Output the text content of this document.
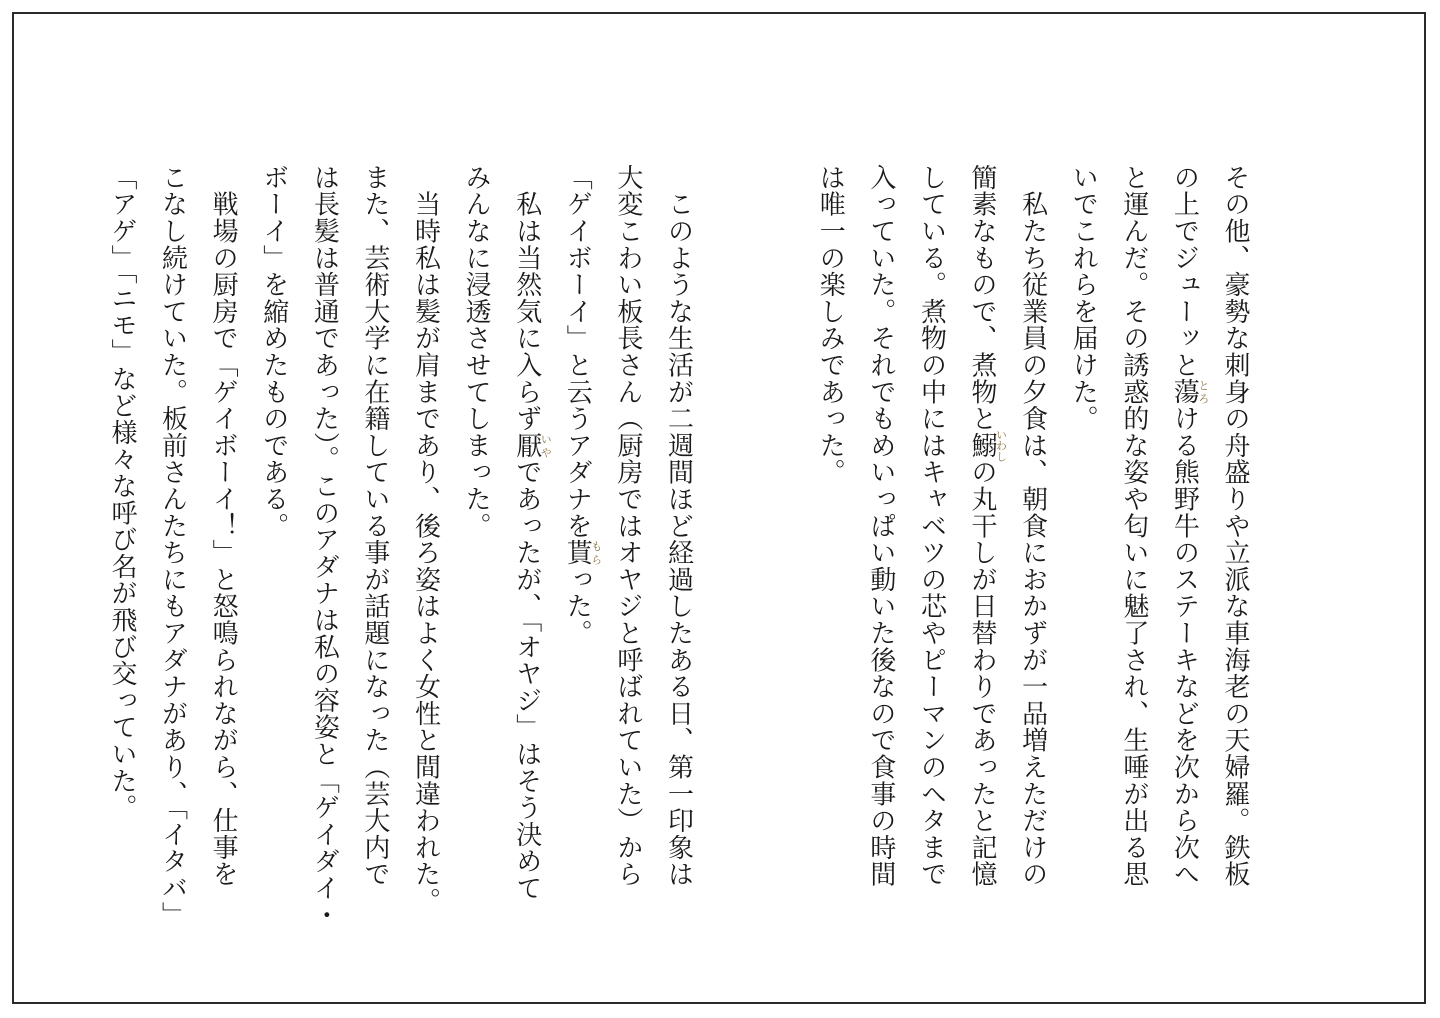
その他、豪勢な刺身の舟盛りや立派な車海老の天婦羅。鉄板
の上でジューッと蕩とろける熊野牛のステーキなどを次から次へ
と運んだ。その誘惑的な姿や匂いに魅了され、生唾が出る思
いでこれらを届けた。
　私たち従業員の夕食は、朝食におかずが一品増えただけの
簡素なもので、煮物と鰯いわしの丸干しが日替わりであったと記憶
している。煮物の中にはキャベツの芯やピーマンのヘタまで
入っていた。それでもめいっぱい動いた後なので食事の時間
は唯一の楽しみであった。
　このような生活が二週間ほど経過したある日、第一印象は
大変こわい板長さん（厨房ではオヤジと呼ばれていた）から
「ゲイボーイ」と云うアダナを貰もらった。
　私は当然気に入らず厭いやであったが、「オヤジ」はそう決めて
みんなに浸透させてしまった。
　当時私は髪が肩まであり、後ろ姿はよく女性と間違われた。
また、芸術大学に在籍している事が話題になった（芸大内で
は長髪は普通であった）。このアダナは私の容姿と「ゲイダイ・
ボーイ」を縮めたものである。
　戦場の厨房で「ゲイボーイ！」と怒鳴られながら、仕事を
こなし続けていた。板前さんたちにもアダナがあり、「イタバ」
「アゲ」「ニモ」など様々な呼び名が飛び交っていた。
